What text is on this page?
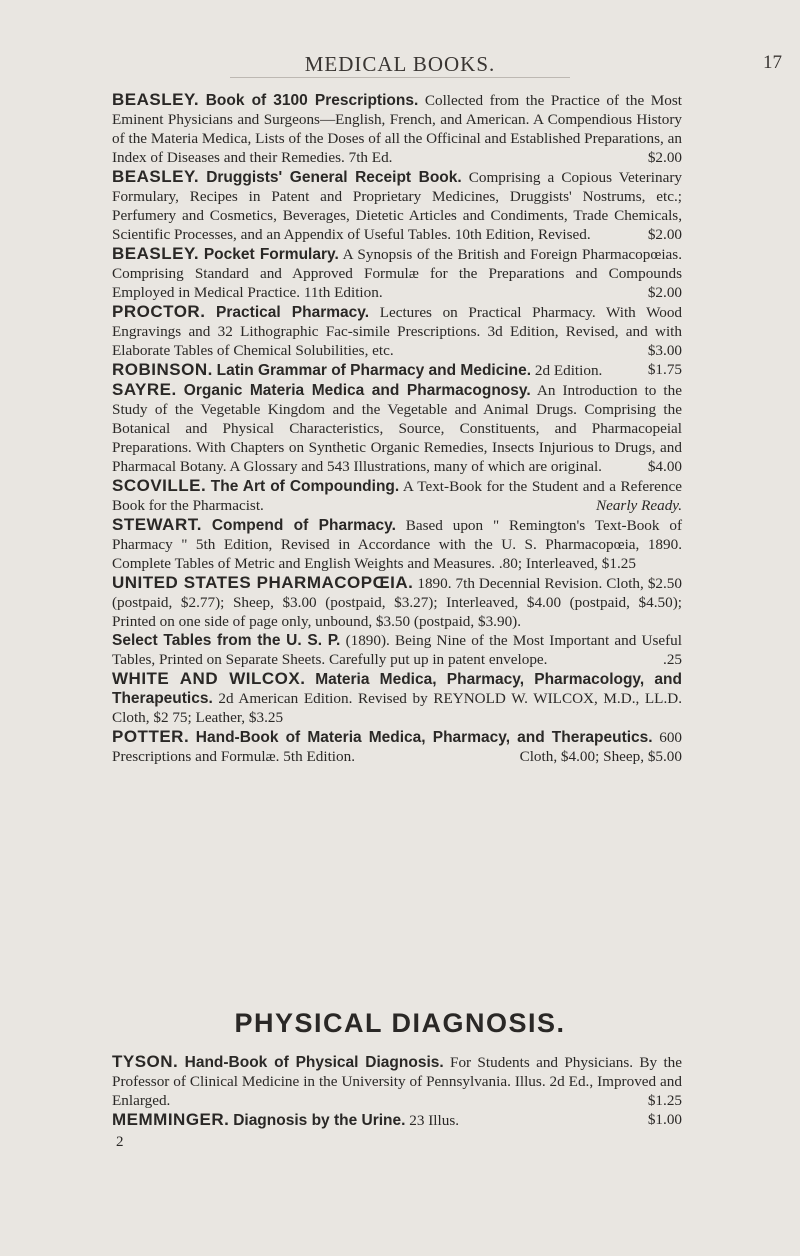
MEDICAL BOOKS.	17

BEASLEY. Book of 3100 Prescriptions. Collected from the Practice of the Most Eminent Physicians and Surgeons—English, French, and American. A Compendious History of the Materia Medica, Lists of the Doses of all the Officinal and Established Preparations, an Index of Diseases and their Remedies. 7th Ed.	$2.00

BEASLEY. Druggists' General Receipt Book. Comprising a Copious Veterinary Formulary, Recipes in Patent and Proprietary Medicines, Druggists' Nostrums, etc.; Perfumery and Cosmetics, Beverages, Dietetic Articles and Condiments, Trade Chemicals, Scientific Processes, and an Appendix of Useful Tables. 10th Edition, Revised.	$2.00

BEASLEY. Pocket Formulary. A Synopsis of the British and Foreign Pharmacopœias. Comprising Standard and Approved Formulæ for the Preparations and Compounds Employed in Medical Practice. 11th Edition.	$2.00

PROCTOR. Practical Pharmacy. Lectures on Practical Pharmacy. With Wood Engravings and 32 Lithographic Fac-simile Prescriptions. 3d Edition, Revised, and with Elaborate Tables of Chemical Solubilities, etc.	$3.00

ROBINSON. Latin Grammar of Pharmacy and Medicine. 2d Edition.	$1.75

SAYRE. Organic Materia Medica and Pharmacognosy. An Introduction to the Study of the Vegetable Kingdom and the Vegetable and Animal Drugs. Comprising the Botanical and Physical Characteristics, Source, Constituents, and Pharmacopeial Preparations. With Chapters on Synthetic Organic Remedies, Insects Injurious to Drugs, and Pharmacal Botany. A Glossary and 543 Illustrations, many of which are original.	$4.00

SCOVILLE. The Art of Compounding. A Text-Book for the Student and a Reference Book for the Pharmacist.	Nearly Ready.

STEWART. Compend of Pharmacy. Based upon " Remington's Text-Book of Pharmacy " 5th Edition, Revised in Accordance with the U. S. Pharmacopœia, 1890. Complete Tables of Metric and English Weights and Measures. .80; Interleaved, $1.25

UNITED STATES PHARMACOPŒIA. 1890. 7th Decennial Revision. Cloth, $2.50 (postpaid, $2.77); Sheep, $3.00 (postpaid, $3.27); Interleaved, $4.00 (postpaid, $4.50); Printed on one side of page only, unbound, $3.50 (postpaid, $3.90).

Select Tables from the U. S. P. (1890). Being Nine of the Most Important and Useful Tables, Printed on Separate Sheets. Carefully put up in patent envelope.	.25

WHITE AND WILCOX. Materia Medica, Pharmacy, Pharmacology, and Therapeutics. 2d American Edition. Revised by REYNOLD W. WILCOX, M.D., LL.D. Cloth, $2 75; Leather, $3.25

POTTER. Hand-Book of Materia Medica, Pharmacy, and Therapeutics. 600 Prescriptions and Formulæ. 5th Edition.	Cloth, $4.00; Sheep, $5.00

PHYSICAL DIAGNOSIS.

TYSON. Hand-Book of Physical Diagnosis. For Students and Physicians. By the Professor of Clinical Medicine in the University of Pennsylvania. Illus. 2d Ed., Improved and Enlarged.	$1.25

MEMMINGER. Diagnosis by the Urine. 23 Illus.	$1.00

2
